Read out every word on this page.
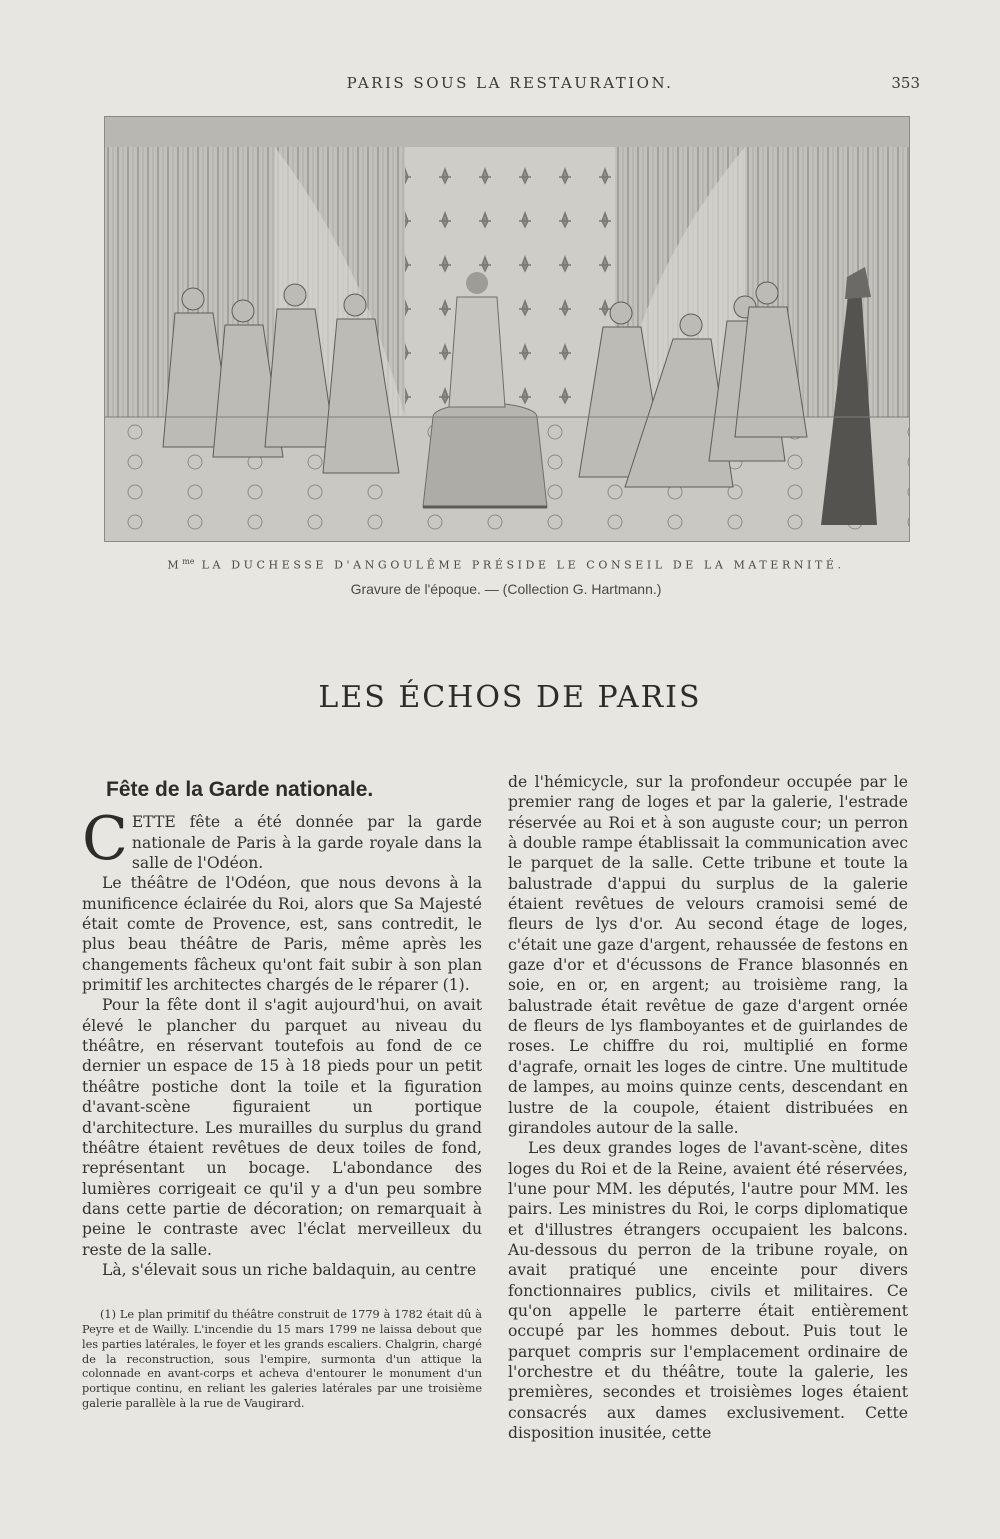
PARIS SOUS LA RESTAURATION.	353
$M^{me}$ LA DUCHESSE D'ANGOULÊME PRÉSIDE LE CONSEIL DE LA MATERNITÉ.
Gravure de l'époque. — (Collection G. Hartmann.)
LES ÉCHOS DE PARIS
Fête de la Garde nationale.

CETTE fête a été donnée par la garde nationale de Paris à la garde royale dans la salle de l'Odéon.

Le théâtre de l'Odéon, que nous devons à la munificence éclairée du Roi, alors que Sa Majesté était comte de Provence, est, sans contredit, le plus beau théâtre de Paris, même après les changements fâcheux qu'ont fait subir à son plan primitif les architectes chargés de le réparer (1).

Pour la fête dont il s'agit aujourd'hui, on avait élevé le plancher du parquet au niveau du théâtre, en réservant toutefois au fond de ce dernier un espace de 15 à 18 pieds pour un petit théâtre postiche dont la toile et la figuration d'avant-scène figuraient un portique d'architecture. Les murailles du surplus du grand théâtre étaient revêtues de deux toiles de fond, représentant un bocage. L'abondance des lumières corrigeait ce qu'il y a d'un peu sombre dans cette partie de décoration; on remarquait à peine le contraste avec l'éclat merveilleux du reste de la salle.

Là, s'élevait sous un riche baldaquin, au centre

(1) Le plan primitif du théâtre construit de 1779 à 1782 était dû à Peyre et de Wailly. L'incendie du 15 mars 1799 ne laissa debout que les parties latérales, le foyer et les grands escaliers. Chalgrin, chargé de la reconstruction, sous l'empire, surmonta d'un attique la colonnade en avant-corps et acheva d'entourer le monument d'un portique continu, en reliant les galeries latérales par une troisième galerie parallèle à la rue de Vaugirard.

de l'hémicycle, sur la profondeur occupée par le premier rang de loges et par la galerie, l'estrade réservée au Roi et à son auguste cour; un perron à double rampe établissait la communication avec le parquet de la salle. Cette tribune et toute la balustrade d'appui du surplus de la galerie étaient revêtues de velours cramoisi semé de fleurs de lys d'or. Au second étage de loges, c'était une gaze d'argent, rehaussée de festons en gaze d'or et d'écussons de France blasonnés en soie, en or, en argent; au troisième rang, la balustrade était revêtue de gaze d'argent ornée de fleurs de lys flamboyantes et de guirlandes de roses. Le chiffre du roi, multiplié en forme d'agrafe, ornait les loges de cintre. Une multitude de lampes, au moins quinze cents, descendant en lustre de la coupole, étaient distribuées en girandoles autour de la salle.

Les deux grandes loges de l'avant-scène, dites loges du Roi et de la Reine, avaient été réservées, l'une pour MM. les députés, l'autre pour MM. les pairs. Les ministres du Roi, le corps diplomatique et d'illustres étrangers occupaient les balcons. Au-dessous du perron de la tribune royale, on avait pratiqué une enceinte pour divers fonctionnaires publics, civils et militaires. Ce qu'on appelle le parterre était entièrement occupé par les hommes debout. Puis tout le parquet compris sur l'emplacement ordinaire de l'orchestre et du théâtre, toute la galerie, les premières, secondes et troisièmes loges étaient consacrés aux dames exclusivement. Cette disposition inusitée, cette
